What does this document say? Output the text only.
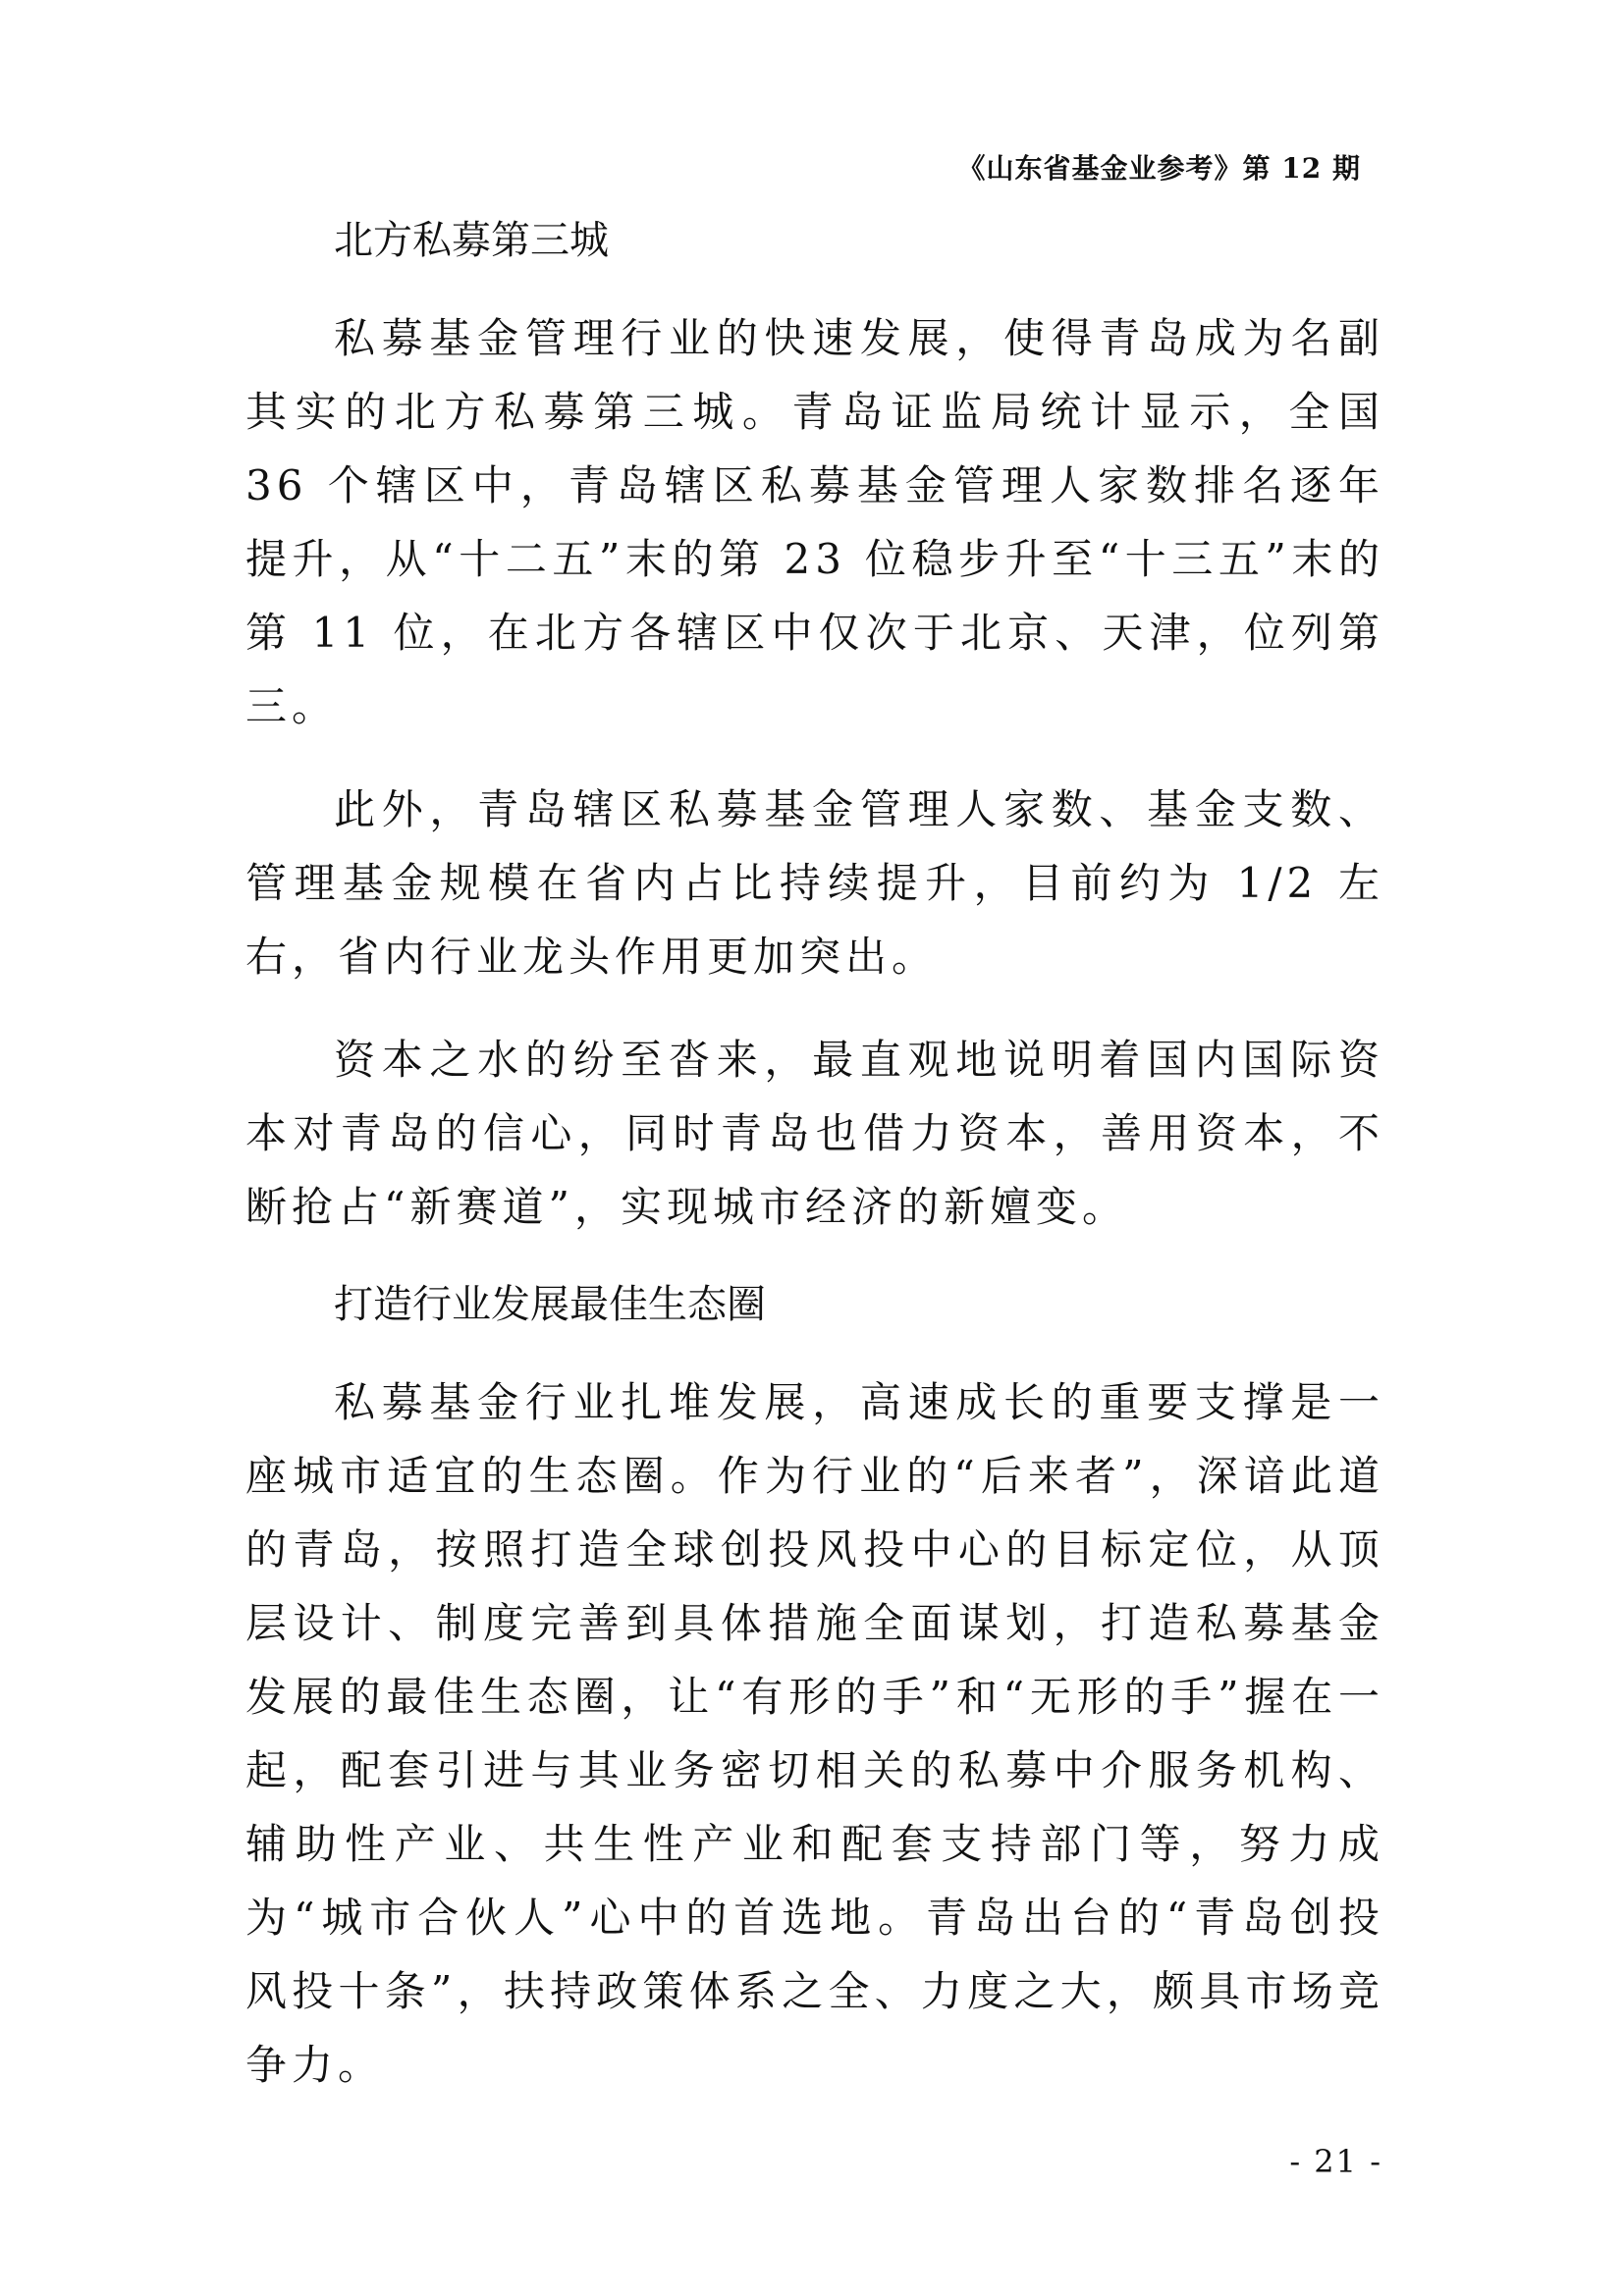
《山东省基金业参考》第 12 期
北方私募第三城

私募基金管理行业的快速发展，使得青岛成为名副其实的北方私募第三城。青岛证监局统计显示，全国 36 个辖区中，青岛辖区私募基金管理人家数排名逐年提升，从“十二五”末的第 23 位稳步升至“十三五”末的第 11 位，在北方各辖区中仅次于北京、天津，位列第三。

此外，青岛辖区私募基金管理人家数、基金支数、管理基金规模在省内占比持续提升，目前约为 1/2 左右，省内行业龙头作用更加突出。

资本之水的纷至沓来，最直观地说明着国内国际资本对青岛的信心，同时青岛也借力资本，善用资本，不断抢占“新赛道”，实现城市经济的新嬗变。

打造行业发展最佳生态圈

私募基金行业扎堆发展，高速成长的重要支撑是一座城市适宜的生态圈。作为行业的“后来者”，深谙此道的青岛，按照打造全球创投风投中心的目标定位，从顶层设计、制度完善到具体措施全面谋划，打造私募基金发展的最佳生态圈，让“有形的手”和“无形的手”握在一起，配套引进与其业务密切相关的私募中介服务机构、辅助性产业、共生性产业和配套支持部门等，努力成为“城市合伙人”心中的首选地。青岛出台的“青岛创投风投十条”，扶持政策体系之全、力度之大，颇具市场竞争力。

- 21 -
